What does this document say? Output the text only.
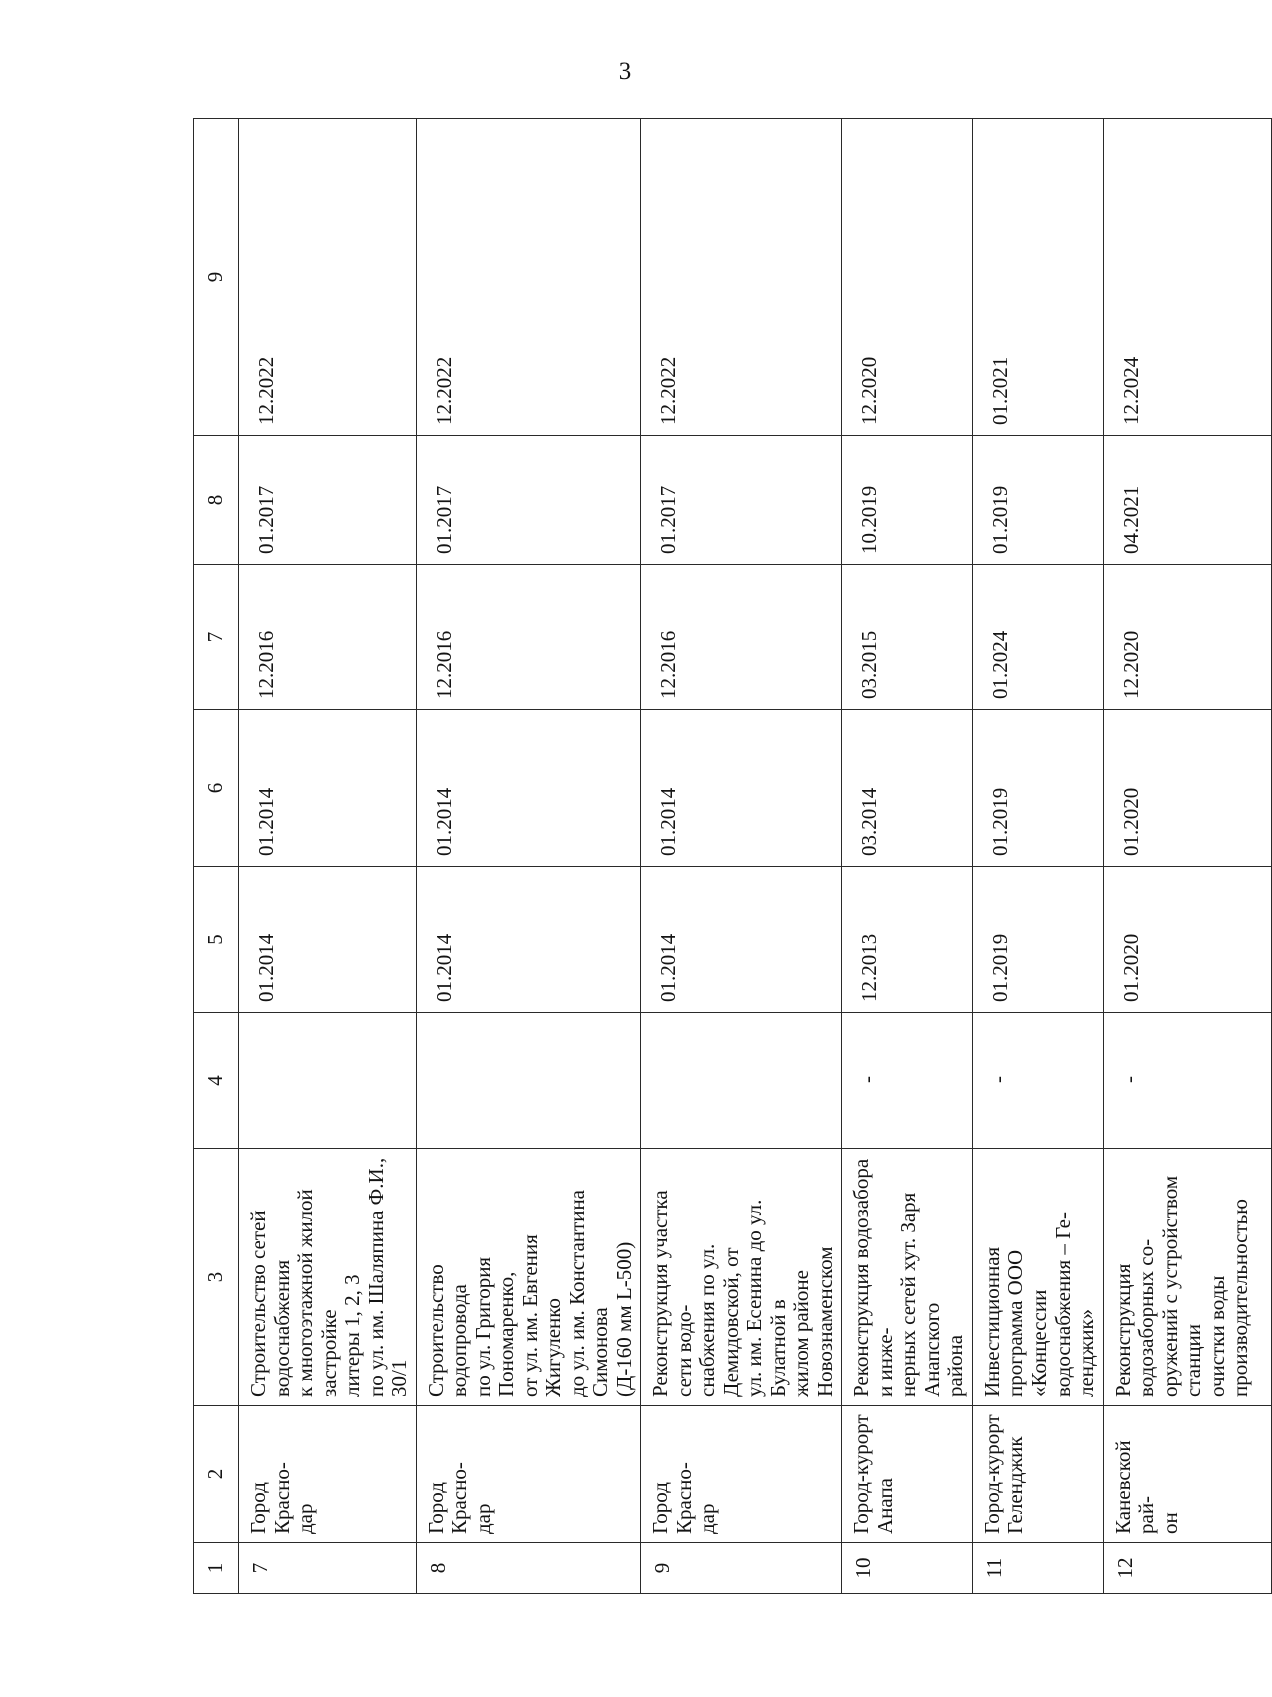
3
1	2	3	4	5	6	7	8	9
7	Город Красно-
дар	Строительство сетей водоснабжения
к многоэтажной жилой застройке
литеры 1, 2, 3
по ул. им. Шаляпина Ф.И., 30/1		01.2014	01.2014	12.2016	01.2017	12.2022
8	Город Красно-
дар	Строительство водопровода
по ул. Григория Пономаренко,
от ул. им. Евгения Жигуленко
до ул. им. Константина Симонова
(Д-160 мм L-500)		01.2014	01.2014	12.2016	01.2017	12.2022
9	Город Красно-
дар	Реконструкция участка сети водо-
снабжения по ул. Демидовской, от
ул. им. Есенина до ул. Булатной в
жилом районе Новознаменском		01.2014	01.2014	12.2016	01.2017	12.2022
10	Город-курорт
Анапа	Реконструкция водозабора и инже-
нерных сетей хут. Заря Анапского
района	-	12.2013	03.2014	03.2015	10.2019	12.2020
11	Город-курорт
Геленджик	Инвестиционная программа ООО
«Концессии водоснабжения – Ге-
ленджик»	-	01.2019	01.2019	01.2024	01.2019	01.2021
12	Каневской рай-
он	Реконструкция водозаборных со-
оружений с устройством станции
очистки воды производительностью	-	01.2020	01.2020	12.2020	04.2021	12.2024
